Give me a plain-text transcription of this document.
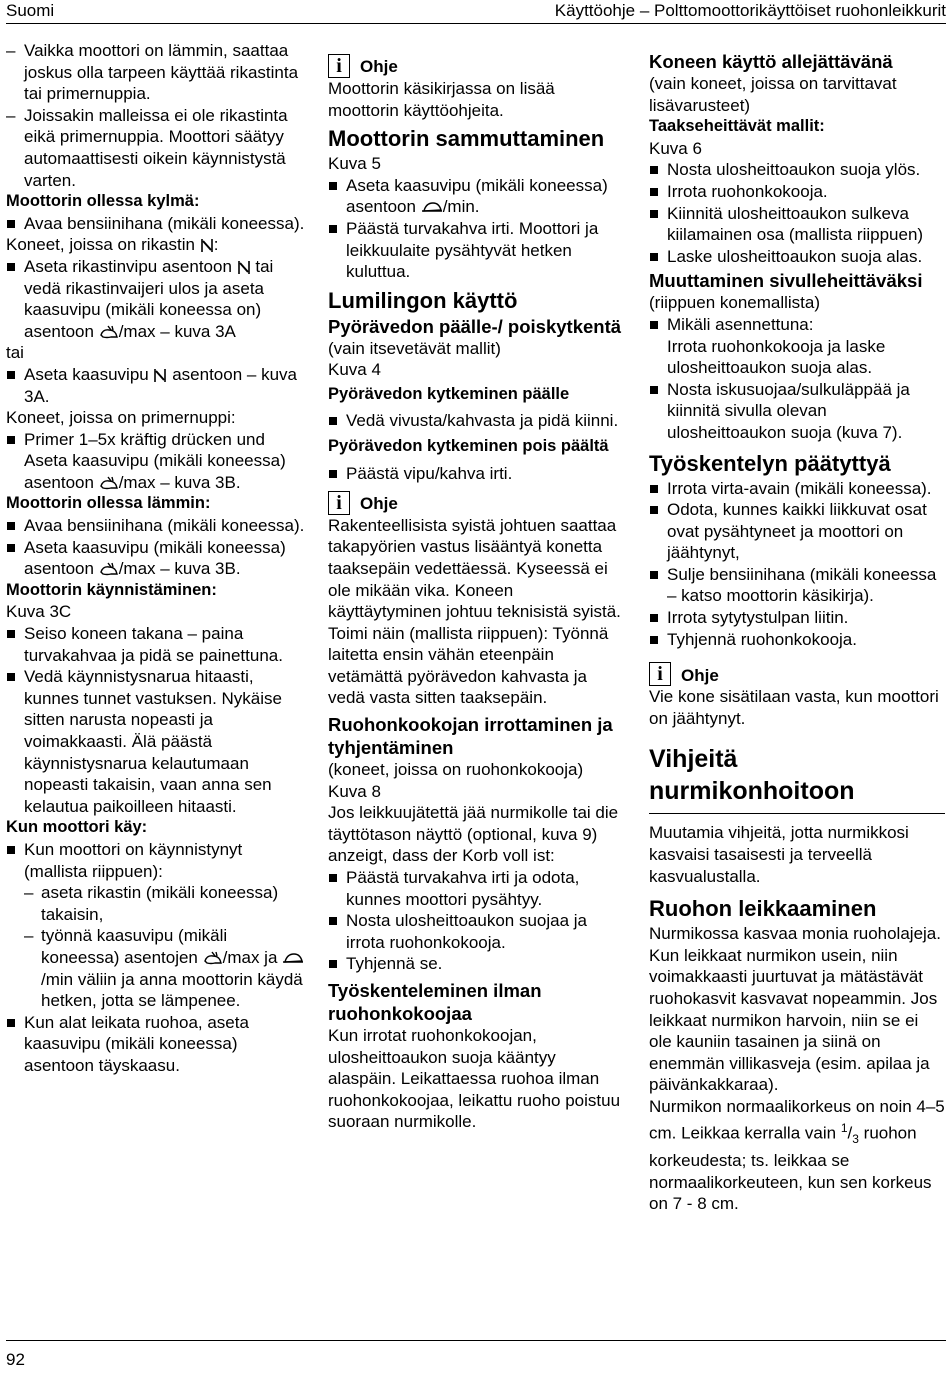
Suomi	Käyttöohje – Polttomoottorikäyttöiset ruohonleikkurit

– Vaikka moottori on lämmin, saattaa joskus olla tarpeen käyttää rikastinta tai primernuppia.

– Joissakin malleissa ei ole rikastinta eikä primernuppia. Moottori säätyy automaattisesti oikein käynnistystä varten.

Moottorin ollessa kylmä:

Avaa bensiinihana (mikäli koneessa).

Koneet, joissa on rikastin :

Aseta rikastinvipu asentoon tai vedä rikastinvaijeri ulos ja aseta kaasuvipu (mikäli koneessa on) asentoon /max – kuva 3A

tai

Aseta kaasuvipu asentoon – kuva 3A.

Koneet, joissa on primernuppi:

Primer 1–5x kräftig drücken und Aseta kaasuvipu (mikäli koneessa) asentoon /max – kuva 3B.

Moottorin ollessa lämmin:

Avaa bensiinihana (mikäli koneessa).

Aseta kaasuvipu (mikäli koneessa) asentoon /max – kuva 3B.

Moottorin käynnistäminen:

Kuva 3C

Seiso koneen takana – paina turvakahvaa ja pidä se painettuna.

Vedä käynnistysnarua hitaasti, kunnes tunnet vastuksen. Nykäise sitten narusta nopeasti ja voimakkaasti. Älä päästä käynnistysnarua kelautumaan nopeasti takaisin, vaan anna sen kelautua paikoilleen hitaasti.

Kun moottori käy:

Kun moottori on käynnistynyt (mallista riippuen):

– aseta rikastin (mikäli koneessa) takaisin,

– työnnä kaasuvipu (mikäli koneessa) asentojen /max ja /min väliin ja anna moottorin käydä hetken, jotta se lämpenee.

Kun alat leikata ruohoa, aseta kaasuvipu (mikäli koneessa) asentoon täyskaasu.

i	Ohje

Moottorin käsikirjassa on lisää moottorin käyttöohjeita.

Moottorin sammuttaminen

Kuva 5

Aseta kaasuvipu (mikäli koneessa) asentoon /min.

Päästä turvakahva irti. Moottori ja leikkuulaite pysähtyvät hetken kuluttua.

Lumilingon käyttö

Pyörävedon päälle-/ poiskytkentä

(vain itsevetävät mallit)

Kuva 4

Pyörävedon kytkeminen päälle

Vedä vivusta/kahvasta ja pidä kiinni.

Pyörävedon kytkeminen pois päältä

Päästä vipu/kahva irti.

i	Ohje

Rakenteellisista syistä johtuen saattaa takapyörien vastus lisääntyä konetta taaksepäin vedettäessä. Kyseessä ei ole mikään vika. Koneen käyttäytyminen johtuu teknisistä syistä.

Toimi näin (mallista riippuen): Työnnä laitetta ensin vähän eteenpäin vetämättä pyörävedon kahvasta ja vedä vasta sitten taaksepäin.

Ruohonkookojan irrottaminen ja tyhjentäminen

(koneet, joissa on ruohonkokooja)

Kuva 8

Jos leikkuujätettä jää nurmikolle tai die täyttötason näyttö (optional, kuva 9) anzeigt, dass der Korb voll ist:

Päästä turvakahva irti ja odota, kunnes moottori pysähtyy.

Nosta ulosheittoaukon suojaa ja irrota ruohonkokooja.

Tyhjennä se.

Työskenteleminen ilman ruohonkokoojaa

Kun irrotat ruohonkokoojan, ulosheittoaukon suoja kääntyy alaspäin. Leikattaessa ruohoa ilman ruohonkokoojaa, leikattu ruoho poistuu suoraan nurmikolle.

Koneen käyttö allejättävänä

(vain koneet, joissa on tarvittavat lisävarusteet)

Taakseheittävät mallit:

Kuva 6

Nosta ulosheittoaukon suoja ylös.

Irrota ruohonkokooja.

Kiinnitä ulosheittoaukon sulkeva kiilamainen osa (mallista riippuen)

Laske ulosheittoaukon suoja alas.

Muuttaminen sivulleheittäväksi

(riippuen konemallista)

Mikäli asennettuna:
Irrota ruohonkokooja ja laske ulosheittoaukon suoja alas.

Nosta iskusuojaa/sulkuläppää ja kiinnitä sivulla olevan ulosheittoaukon suoja (kuva 7).

Työskentelyn päätyttyä

Irrota virta-avain (mikäli koneessa).

Odota, kunnes kaikki liikkuvat osat ovat pysähtyneet ja moottori on jäähtynyt,

Sulje bensiinihana (mikäli koneessa – katso moottorin käsikirja).

Irrota sytytystulpan liitin.

Tyhjennä ruohonkokooja.

i	Ohje

Vie kone sisätilaan vasta, kun moottori on jäähtynyt.

Vihjeitä nurmikonhoitoon

Muutamia vihjeitä, jotta nurmikkosi kasvaisi tasaisesti ja terveellä kasvualustalla.

Ruohon leikkaaminen

Nurmikossa kasvaa monia ruoholajeja. Kun leikkaat nurmikon usein, niin voimakkaasti juurtuvat ja mätästävät ruohokasvit kasvavat nopeammin. Jos leikkaat nurmikon harvoin, niin se ei ole kauniin tasainen ja siinä on enemmän villikasveja (esim. apilaa ja päivänkakkaraa).

Nurmikon normaalikorkeus on noin 4–5 cm. Leikkaa kerralla vain $^1/_3$ ruohon korkeudesta; ts. leikkaa se normaalikorkeuteen, kun sen korkeus on 7 - 8 cm.

92
